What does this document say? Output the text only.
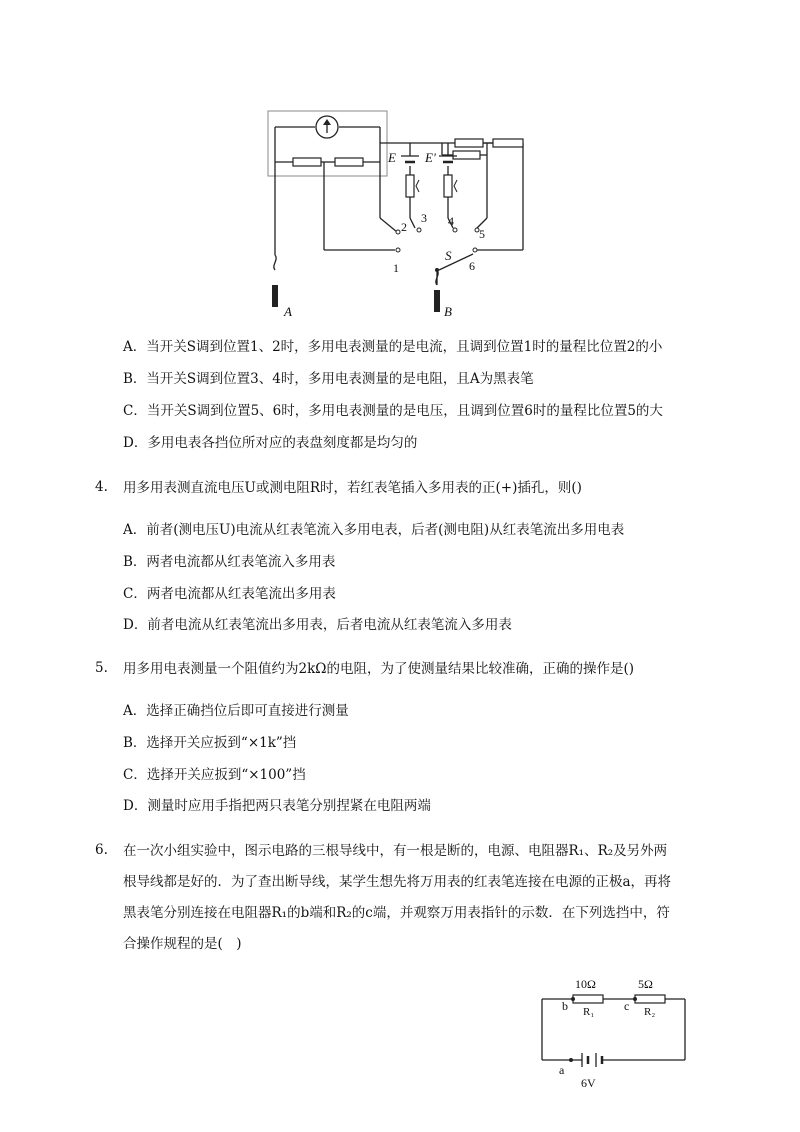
E E'
1
2
3 4
5
6
S
A	B
A．当开关S调到位置1、2时，多用电表测量的是电流，且调到位置1时的量程比位置2的小
B．当开关S调到位置3、4时，多用电表测量的是电阻，且A为黑表笔
C．当开关S调到位置5、6时，多用电表测量的是电压，且调到位置6时的量程比位置5的大
D．多用电表各挡位所对应的表盘刻度都是均匀的
4. 用多用表测直流电压U或测电阻R时，若红表笔插入多用表的正(+)插孔，则()
A．前者(测电压U)电流从红表笔流入多用电表，后者(测电阻)从红表笔流出多用电表
B．两者电流都从红表笔流入多用表
C．两者电流都从红表笔流出多用表
D．前者电流从红表笔流出多用表，后者电流从红表笔流入多用表
5. 用多用电表测量一个阻值约为2kΩ的电阻，为了使测量结果比较准确，正确的操作是()
A．选择正确挡位后即可直接进行测量
B．选择开关应扳到“×1k”挡
C．选择开关应扳到“×100”挡
D．测量时应用手指把两只表笔分别捏紧在电阻两端
6. 在一次小组实验中，图示电路的三根导线中，有一根是断的，电源、电阻器R₁、R₂及另外两
根导线都是好的．为了查出断导线，某学生想先将万用表的红表笔连接在电源的正极a，再将
黑表笔分别连接在电阻器R₁的b端和R₂的c端，并观察万用表指针的示数．在下列选挡中，符
合操作规程的是(　)
10Ω	5Ω
R₁	R₂
b	c
a
6V
